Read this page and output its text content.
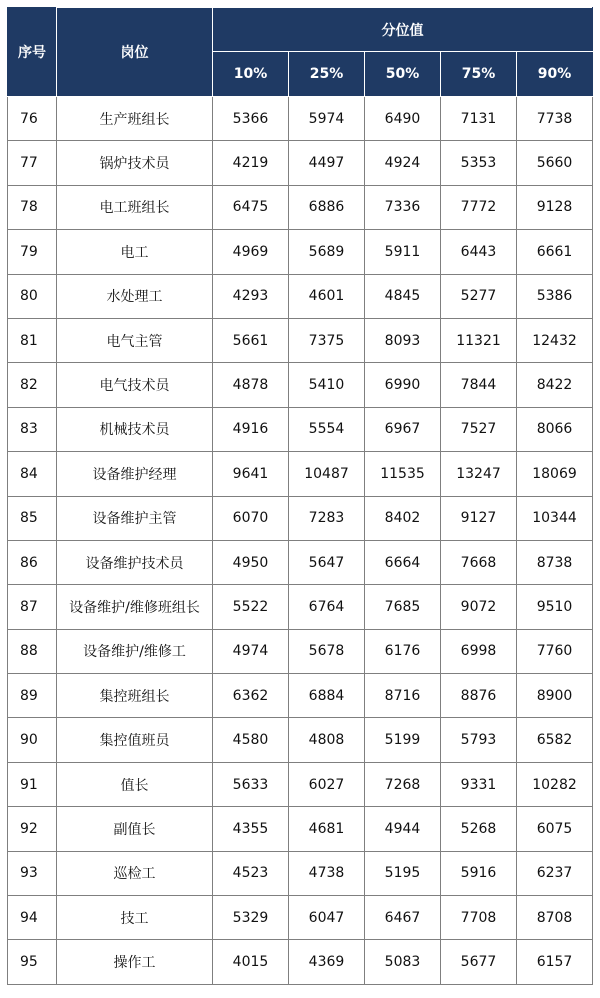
序号	岗位	分位值				
		10%	25%	50%	75%	90%
76	生产班组长	5366	5974	6490	7131	7738
77	锅炉技术员	4219	4497	4924	5353	5660
78	电工班组长	6475	6886	7336	7772	9128
79	电工	4969	5689	5911	6443	6661
80	水处理工	4293	4601	4845	5277	5386
81	电气主管	5661	7375	8093	11321	12432
82	电气技术员	4878	5410	6990	7844	8422
83	机械技术员	4916	5554	6967	7527	8066
84	设备维护经理	9641	10487	11535	13247	18069
85	设备维护主管	6070	7283	8402	9127	10344
86	设备维护技术员	4950	5647	6664	7668	8738
87	设备维护/维修班组长	5522	6764	7685	9072	9510
88	设备维护/维修工	4974	5678	6176	6998	7760
89	集控班组长	6362	6884	8716	8876	8900
90	集控值班员	4580	4808	5199	5793	6582
91	值长	5633	6027	7268	9331	10282
92	副值长	4355	4681	4944	5268	6075
93	巡检工	4523	4738	5195	5916	6237
94	技工	5329	6047	6467	7708	8708
95	操作工	4015	4369	5083	5677	6157
